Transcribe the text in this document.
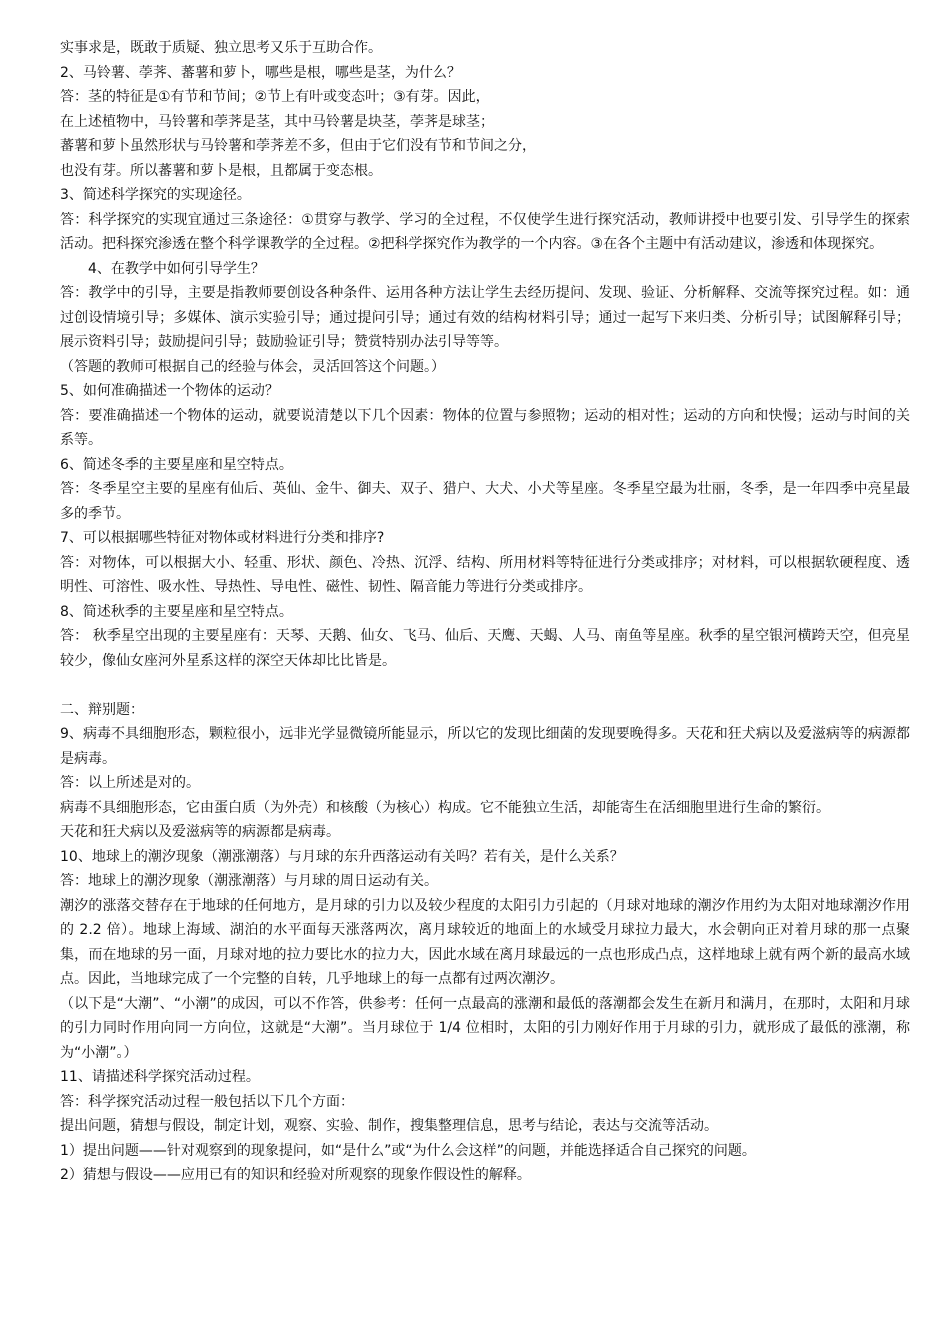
实事求是，既敢于质疑、独立思考又乐于互助合作。

2、马铃薯、荸荠、蕃薯和萝卜，哪些是根，哪些是茎，为什么？

答：茎的特征是①有节和节间；②节上有叶或变态叶；③有芽。因此，

在上述植物中，马铃薯和荸荠是茎，其中马铃薯是块茎，荸荠是球茎；

蕃薯和萝卜虽然形状与马铃薯和荸荠差不多，但由于它们没有节和节间之分，

也没有芽。所以蕃薯和萝卜是根，且都属于变态根。

3、简述科学探究的实现途径。

答：科学探究的实现宜通过三条途径：①贯穿与教学、学习的全过程，不仅使学生进行探究活动，教师讲授中也要引发、引导学生的探索活动。把科探究渗透在整个科学课教学的全过程。②把科学探究作为教学的一个内容。③在各个主题中有活动建议，渗透和体现探究。

4、在教学中如何引导学生？

答：教学中的引导，主要是指教师要创设各种条件、运用各种方法让学生去经历提问、发现、验证、分析解释、交流等探究过程。如：通过创设情境引导；多媒体、演示实验引导；通过提问引导；通过有效的结构材料引导；通过一起写下来归类、分析引导；试图解释引导；展示资料引导；鼓励提问引导；鼓励验证引导；赞赏特别办法引导等等。

（答题的教师可根据自己的经验与体会，灵活回答这个问题。）

5、如何准确描述一个物体的运动？

答：要准确描述一个物体的运动，就要说清楚以下几个因素：物体的位置与参照物；运动的相对性；运动的方向和快慢；运动与时间的关系等。

6、简述冬季的主要星座和星空特点。

答：冬季星空主要的星座有仙后、英仙、金牛、御夫、双子、猎户、大犬、小犬等星座。冬季星空最为壮丽，冬季，是一年四季中亮星最多的季节。

7、可以根据哪些特征对物体或材料进行分类和排序?

答：对物体，可以根据大小、轻重、形状、颜色、冷热、沉浮、结构、所用材料等特征进行分类或排序；对材料，可以根据软硬程度、透明性、可溶性、吸水性、导热性、导电性、磁性、韧性、隔音能力等进行分类或排序。

8、简述秋季的主要星座和星空特点。

答： 秋季星空出现的主要星座有：天琴、天鹅、仙女、飞马、仙后、天鹰、天蝎、人马、南鱼等星座。秋季的星空银河横跨天空，但亮星较少，像仙女座河外星系这样的深空天体却比比皆是。

二、辩别题：

9、病毒不具细胞形态，颗粒很小，远非光学显微镜所能显示，所以它的发现比细菌的发现要晚得多。天花和狂犬病以及爱滋病等的病源都是病毒。

答：以上所述是对的。

病毒不具细胞形态，它由蛋白质（为外壳）和核酸（为核心）构成。它不能独立生活，却能寄生在活细胞里进行生命的繁衍。

天花和狂犬病以及爱滋病等的病源都是病毒。

10、地球上的潮汐现象（潮涨潮落）与月球的东升西落运动有关吗？若有关，是什么关系？

答：地球上的潮汐现象（潮涨潮落）与月球的周日运动有关。

潮汐的涨落交替存在于地球的任何地方，是月球的引力以及较少程度的太阳引力引起的（月球对地球的潮汐作用约为太阳对地球潮汐作用的 2.2 倍）。地球上海域、湖泊的水平面每天涨落两次，离月球较近的地面上的水域受月球拉力最大，水会朝向正对着月球的那一点聚集，而在地球的另一面，月球对地的拉力要比水的拉力大，因此水域在离月球最远的一点也形成凸点，这样地球上就有两个新的最高水域点。因此，当地球完成了一个完整的自转，几乎地球上的每一点都有过两次潮汐。

（以下是“大潮”、“小潮”的成因，可以不作答，供参考：任何一点最高的涨潮和最低的落潮都会发生在新月和满月，在那时，太阳和月球的引力同时作用向同一方向位，这就是“大潮”。当月球位于 1/4 位相时，太阳的引力刚好作用于月球的引力，就形成了最低的涨潮，称为“小潮”。）

11、请描述科学探究活动过程。

答：科学探究活动过程一般包括以下几个方面：

提出问题，猜想与假设，制定计划，观察、实验、制作，搜集整理信息，思考与结论，表达与交流等活动。

1）提出问题——针对观察到的现象提问，如“是什么”或“为什么会这样”的问题，并能选择适合自己探究的问题。

2）猜想与假设——应用已有的知识和经验对所观察的现象作假设性的解释。
